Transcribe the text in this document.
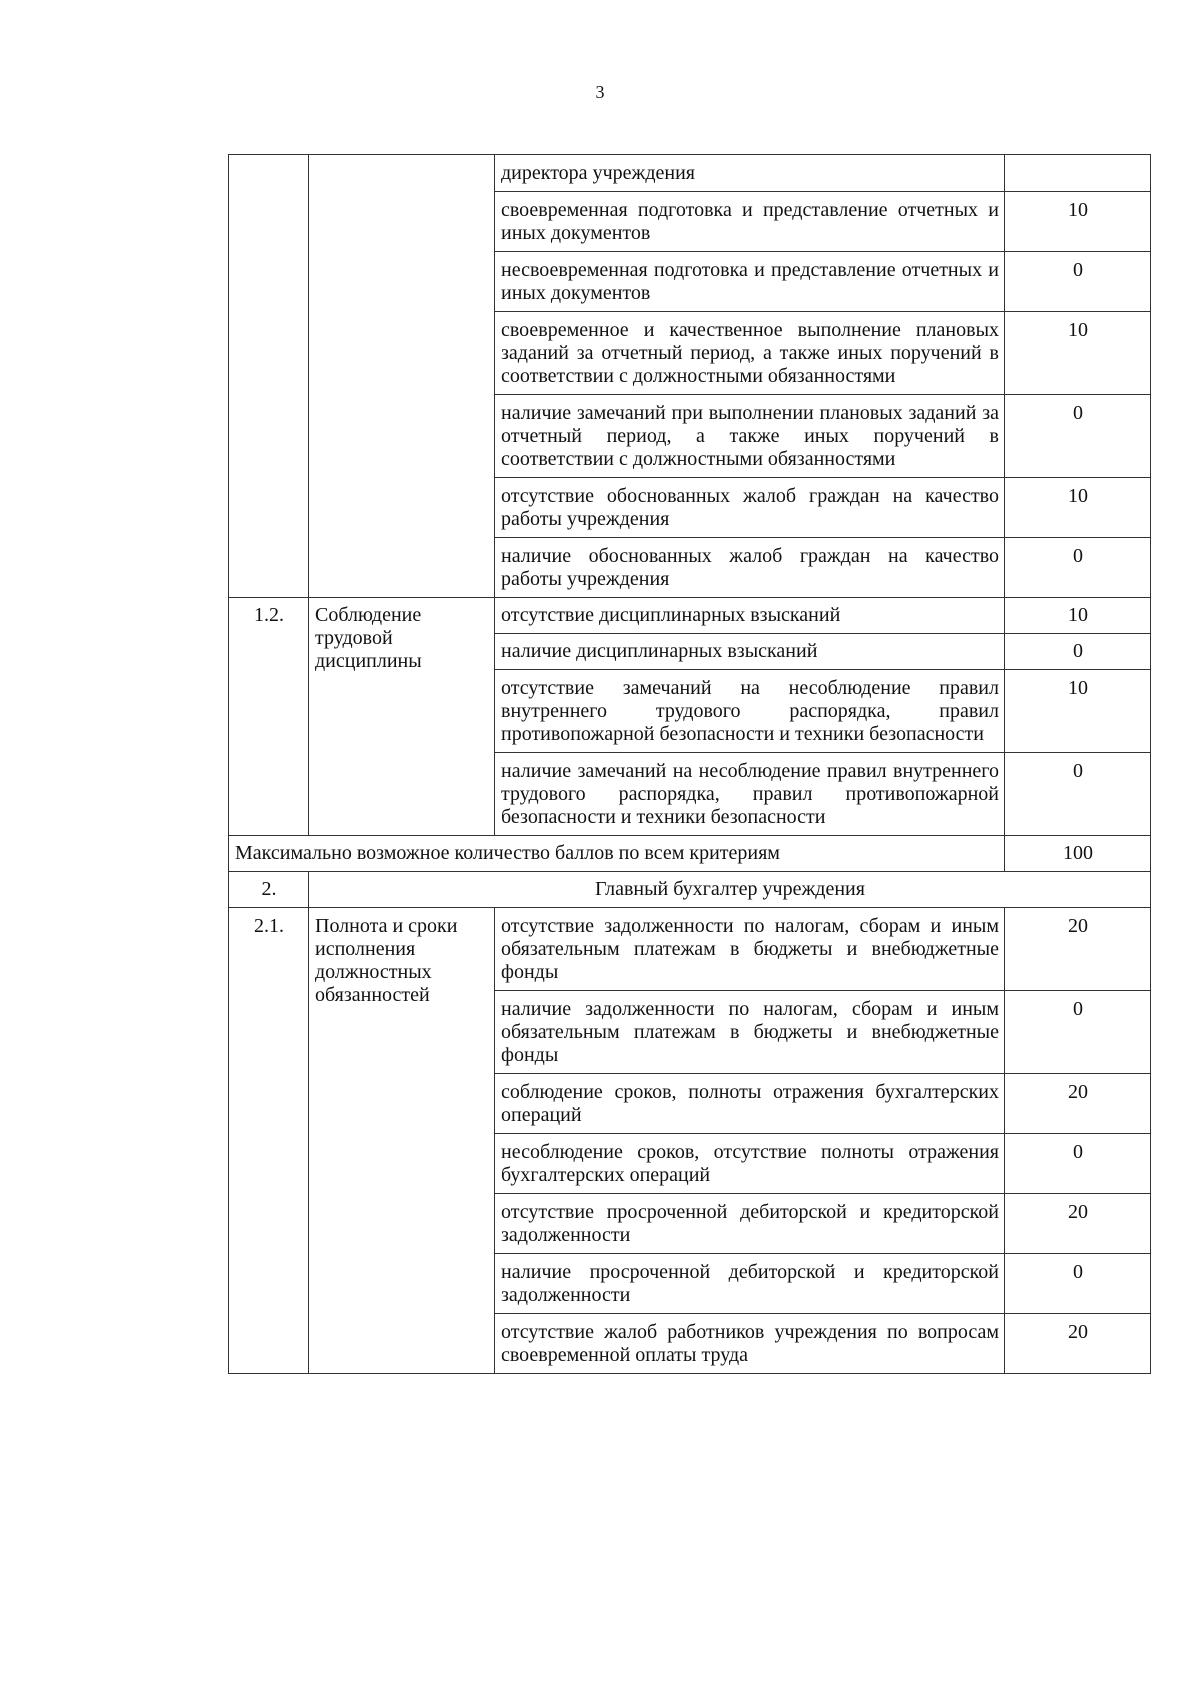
3
		директора учреждения	
		своевременная подготовка и представление отчетных и иных документов	10
		несвоевременная подготовка и представление отчетных и иных документов	0
		своевременное и качественное выполнение плановых заданий за отчетный период, а также иных поручений в соответствии с должностными обязанностями	10
		наличие замечаний при выполнении плановых заданий за отчетный период, а также иных поручений в соответствии с должностными обязанностями	0
		отсутствие обоснованных жалоб граждан на качество работы учреждения	10
		наличие обоснованных жалоб граждан на качество работы учреждения	0
1.2.	Соблюдение трудовой дисциплины	отсутствие дисциплинарных взысканий	10
		наличие дисциплинарных взысканий	0
		отсутствие замечаний на несоблюдение правил внутреннего трудового распорядка, правил противопожарной безопасности и техники безопасности	10
		наличие замечаний на несоблюдение правил внутреннего трудового распорядка, правил противопожарной безопасности и техники безопасности	0
Максимально возможное количество баллов по всем критериям			100
2.	Главный бухгалтер учреждения		
2.1.	Полнота и сроки исполнения должностных обязанностей	отсутствие задолженности по налогам, сборам и иным обязательным платежам в бюджеты и внебюджетные фонды	20
		наличие задолженности по налогам, сборам и иным обязательным платежам в бюджеты и внебюджетные фонды	0
		соблюдение сроков, полноты отражения бухгалтерских операций	20
		несоблюдение сроков, отсутствие полноты отражения бухгалтерских операций	0
		отсутствие просроченной дебиторской и кредиторской задолженности	20
		наличие просроченной дебиторской и кредиторской задолженности	0
		отсутствие жалоб работников учреждения по вопросам своевременной оплаты труда	20
